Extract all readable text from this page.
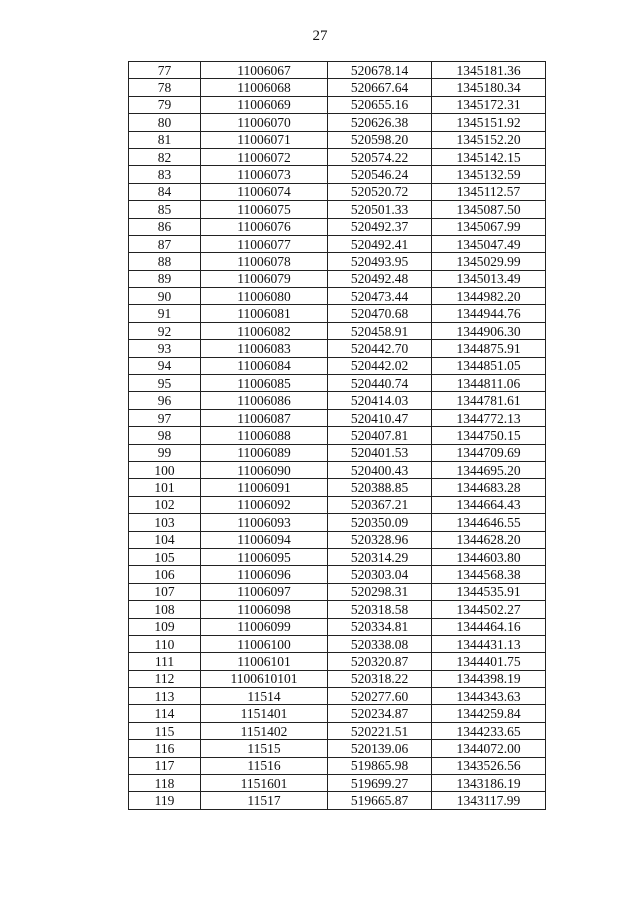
27
77	11006067	520678.14	1345181.36
78	11006068	520667.64	1345180.34
79	11006069	520655.16	1345172.31
80	11006070	520626.38	1345151.92
81	11006071	520598.20	1345152.20
82	11006072	520574.22	1345142.15
83	11006073	520546.24	1345132.59
84	11006074	520520.72	1345112.57
85	11006075	520501.33	1345087.50
86	11006076	520492.37	1345067.99
87	11006077	520492.41	1345047.49
88	11006078	520493.95	1345029.99
89	11006079	520492.48	1345013.49
90	11006080	520473.44	1344982.20
91	11006081	520470.68	1344944.76
92	11006082	520458.91	1344906.30
93	11006083	520442.70	1344875.91
94	11006084	520442.02	1344851.05
95	11006085	520440.74	1344811.06
96	11006086	520414.03	1344781.61
97	11006087	520410.47	1344772.13
98	11006088	520407.81	1344750.15
99	11006089	520401.53	1344709.69
100	11006090	520400.43	1344695.20
101	11006091	520388.85	1344683.28
102	11006092	520367.21	1344664.43
103	11006093	520350.09	1344646.55
104	11006094	520328.96	1344628.20
105	11006095	520314.29	1344603.80
106	11006096	520303.04	1344568.38
107	11006097	520298.31	1344535.91
108	11006098	520318.58	1344502.27
109	11006099	520334.81	1344464.16
110	11006100	520338.08	1344431.13
111	11006101	520320.87	1344401.75
112	1100610101	520318.22	1344398.19
113	11514	520277.60	1344343.63
114	1151401	520234.87	1344259.84
115	1151402	520221.51	1344233.65
116	11515	520139.06	1344072.00
117	11516	519865.98	1343526.56
118	1151601	519699.27	1343186.19
119	11517	519665.87	1343117.99
